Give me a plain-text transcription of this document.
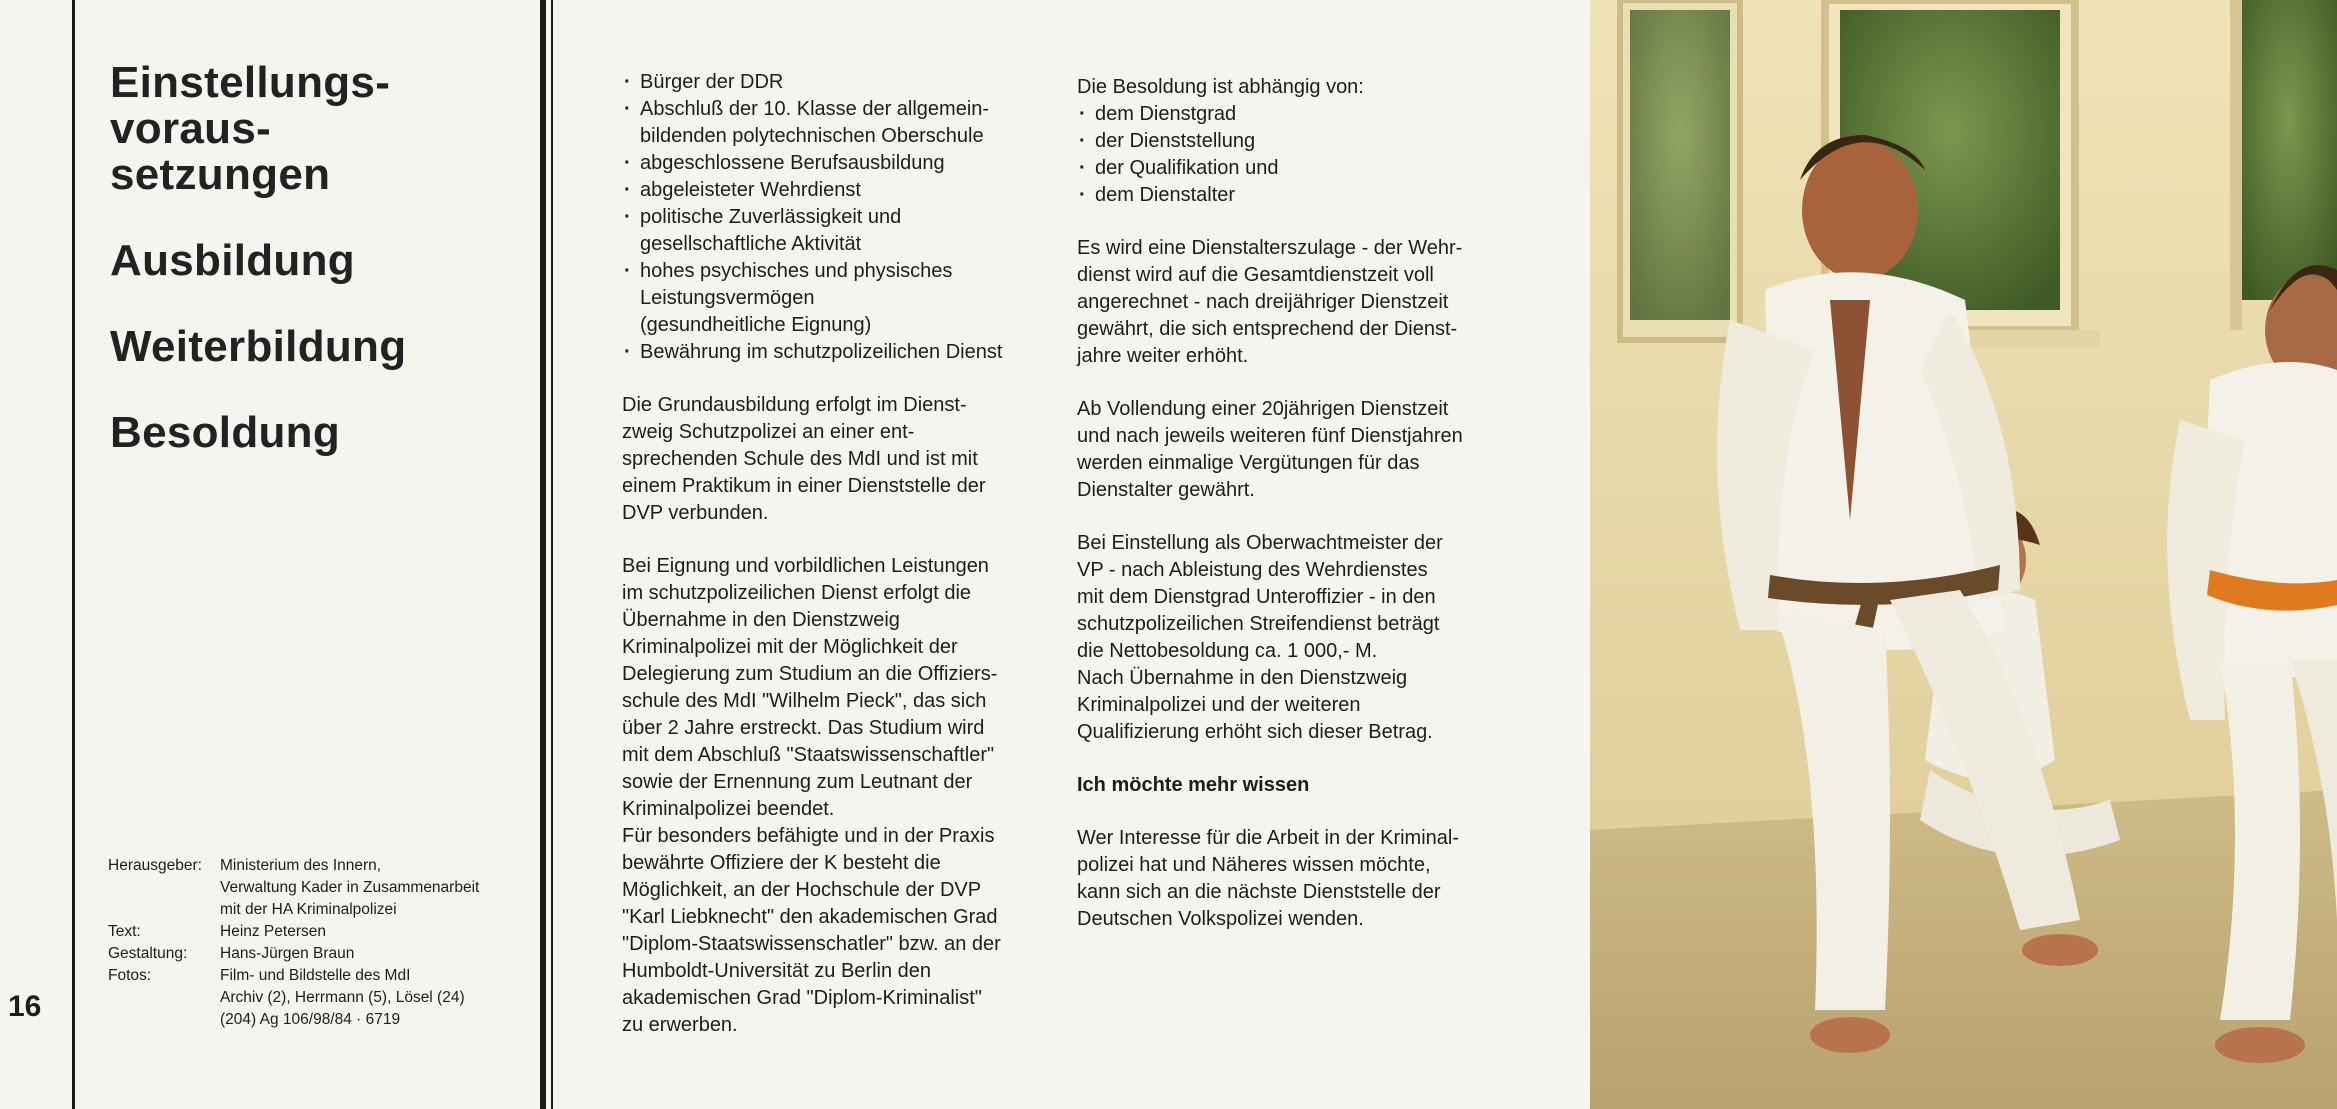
Einstellungs-
voraus-
setzungen
Ausbildung
Weiterbildung
Besoldung
Herausgeber:	Ministerium des Innern,
Verwaltung Kader in Zusammenarbeit
mit der HA Kriminalpolizei
Text:	Heinz Petersen
Gestaltung:	Hans-Jürgen Braun
Fotos:	Film- und Bildstelle des MdI
Archiv (2), Herrmann (5), Lösel (24)
(204) Ag 106/98/84 · 6719
16
· Bürger der DDR
· Abschluß der 10. Klasse der allgemein-
bildenden polytechnischen Oberschule
· abgeschlossene Berufsausbildung
· abgeleisteter Wehrdienst
· politische Zuverlässigkeit und
gesellschaftliche Aktivität
· hohes psychisches und physisches
Leistungsvermögen
(gesundheitliche Eignung)
· Bewährung im schutzpolizeilichen Dienst

Die Grundausbildung erfolgt im Dienst-
zweig Schutzpolizei an einer ent-
sprechenden Schule des MdI und ist mit
einem Praktikum in einer Dienststelle der
DVP verbunden.

Bei Eignung und vorbildlichen Leistungen
im schutzpolizeilichen Dienst erfolgt die
Übernahme in den Dienstzweig
Kriminalpolizei mit der Möglichkeit der
Delegierung zum Studium an die Offiziers-
schule des MdI "Wilhelm Pieck", das sich
über 2 Jahre erstreckt. Das Studium wird
mit dem Abschluß "Staatswissenschaftler"
sowie der Ernennung zum Leutnant der
Kriminalpolizei beendet.
Für besonders befähigte und in der Praxis
bewährte Offiziere der K besteht die
Möglichkeit, an der Hochschule der DVP
"Karl Liebknecht" den akademischen Grad
"Diplom-Staatswissenschatler" bzw. an der
Humboldt-Universität zu Berlin den
akademischen Grad "Diplom-Kriminalist"
zu erwerben.

Die Besoldung ist abhängig von:
· dem Dienstgrad
· der Dienststellung
· der Qualifikation und
· dem Dienstalter

Es wird eine Dienstalterszulage - der Wehr-
dienst wird auf die Gesamtdienstzeit voll
angerechnet - nach dreijähriger Dienstzeit
gewährt, die sich entsprechend der Dienst-
jahre weiter erhöht.

Ab Vollendung einer 20jährigen Dienstzeit
und nach jeweils weiteren fünf Dienstjahren
werden einmalige Vergütungen für das
Dienstalter gewährt.

Bei Einstellung als Oberwachtmeister der
VP - nach Ableistung des Wehrdienstes
mit dem Dienstgrad Unteroffizier - in den
schutzpolizeilichen Streifendienst beträgt
die Nettobesoldung ca. 1 000,- M.
Nach Übernahme in den Dienstzweig
Kriminalpolizei und der weiteren
Qualifizierung erhöht sich dieser Betrag.

Ich möchte mehr wissen

Wer Interesse für die Arbeit in der Kriminal-
polizei hat und Näheres wissen möchte,
kann sich an die nächste Dienststelle der
Deutschen Volkspolizei wenden.
